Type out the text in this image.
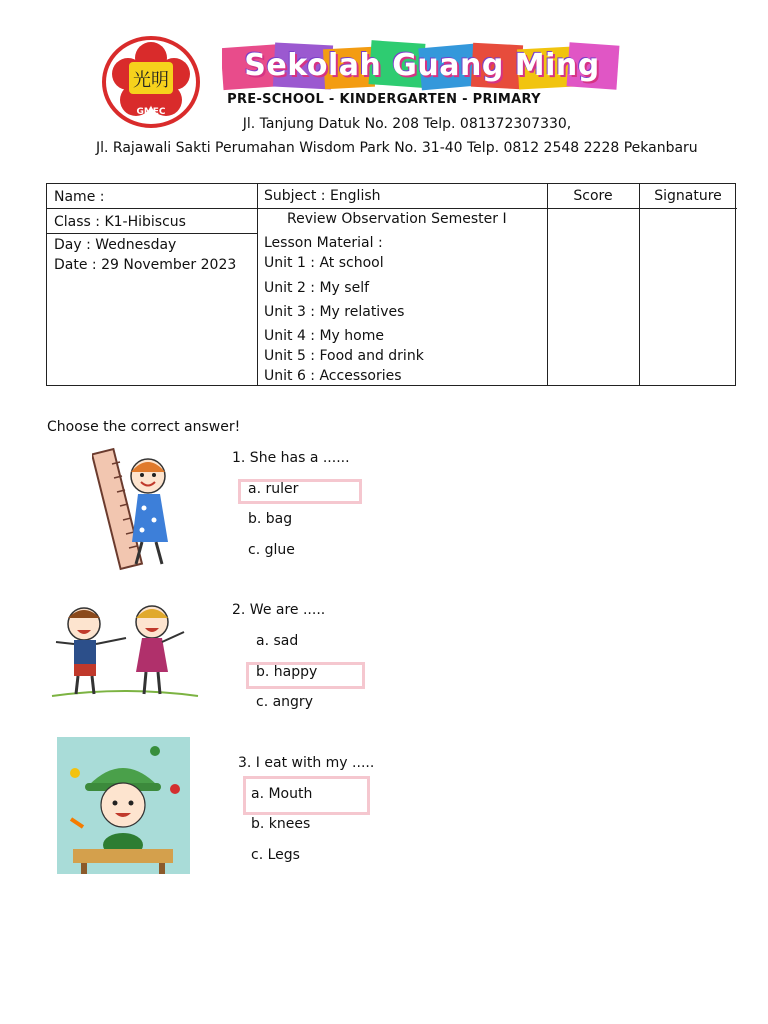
光明
GMEC
Sekolah Guang Ming
PRE-SCHOOL - KINDERGARTEN - PRIMARY
Jl. Tanjung Datuk No. 208 Telp. 081372307330,
Jl. Rajawali Sakti Perumahan Wisdom Park No. 31-40 Telp. 0812 2548 2228 Pekanbaru
Name :
Class : K1-Hibiscus
Day : Wednesday
Date : 29 November 2023
Subject : English
Review Observation Semester I
Lesson Material :
Unit 1 : At school
Unit 2 : My self
Unit 3 : My relatives
Unit 4 : My home
Unit 5 : Food and drink
Unit 6 : Accessories
Score	Signature
Choose the correct answer!
1. She has a ......
a. ruler
b. bag
c. glue
2. We are .....
a. sad
b. happy
c. angry
3. I eat with my .....
a. Mouth
b. knees
c. Legs
